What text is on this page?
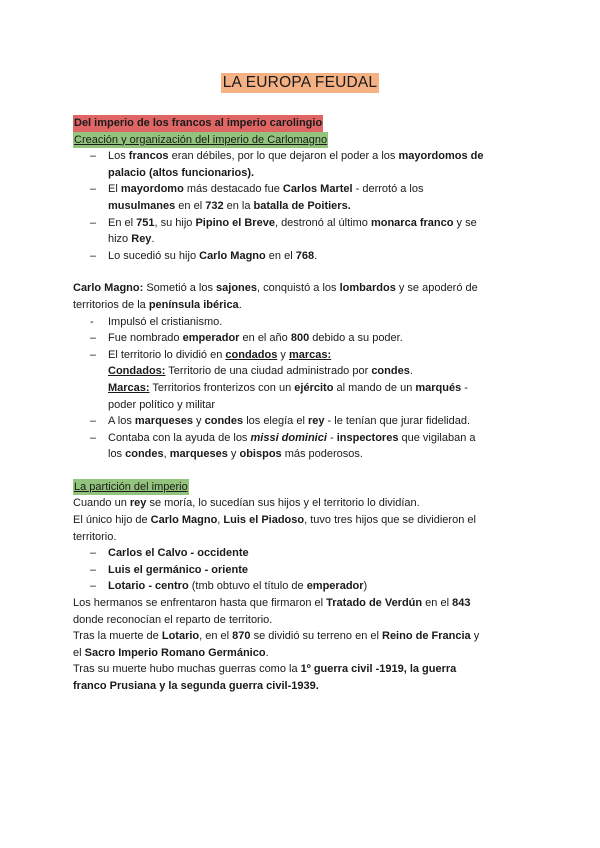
LA EUROPA FEUDAL
Del imperio de los francos al imperio carolingio
Creación y organización del imperio de Carlomagno
– Los francos eran débiles, por lo que dejaron el poder a los mayordomos de
palacio (altos funcionarios).
– El mayordomo más destacado fue Carlos Martel - derrotó a los
musulmanes en el 732 en la batalla de Poitiers.
– En el 751, su hijo Pipino el Breve, destronó al último monarca franco y se
hizo Rey.
– Lo sucedió su hijo Carlo Magno en el 768.
Carlo Magno: Sometió a los sajones, conquistó a los lombardos y se apoderó de
territorios de la península ibérica.
- Impulsó el cristianismo.
– Fue nombrado emperador en el año 800 debido a su poder.
– El territorio lo dividió en condados y marcas:
Condados: Territorio de una ciudad administrado por condes.
Marcas: Territorios fronterizos con un ejército al mando de un marqués -
poder político y militar
– A los marqueses y condes los elegía el rey - le tenían que jurar fidelidad.
– Contaba con la ayuda de los missi dominici - inspectores que vigilaban a
los condes, marqueses y obispos más poderosos.
La partición del imperio
Cuando un rey se moría, lo sucedían sus hijos y el territorio lo dividían.
El único hijo de Carlo Magno, Luis el Piadoso, tuvo tres hijos que se dividieron el
territorio.
– Carlos el Calvo - occidente
– Luis el germánico - oriente
– Lotario - centro (tmb obtuvo el título de emperador)
Los hermanos se enfrentaron hasta que firmaron el Tratado de Verdún en el 843
donde reconocían el reparto de territorio.
Tras la muerte de Lotario, en el 870 se dividió su terreno en el Reino de Francia y
el Sacro Imperio Romano Germánico.
Tras su muerte hubo muchas guerras como la 1º guerra civil -1919, la guerra
franco Prusiana y la segunda guerra civil-1939.
